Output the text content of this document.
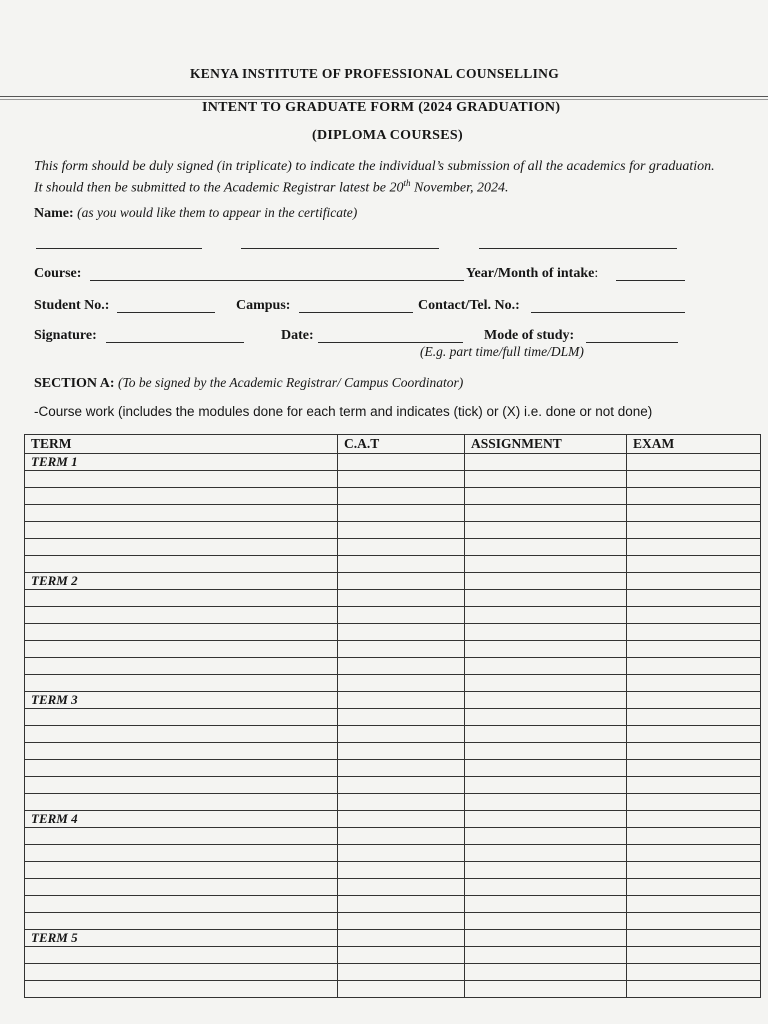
KENYA INSTITUTE OF PROFESSIONAL COUNSELLING
INTENT TO GRADUATE FORM (2024 GRADUATION)
(DIPLOMA COURSES)
This form should be duly signed (in triplicate) to indicate the individual’s submission of all the academics for graduation. It should then be submitted to the Academic Registrar latest be 20th November, 2024.
Name: (as you would like them to appear in the certificate)
Course:	Year/Month of intake:
Student No.:	Campus:	Contact/Tel. No.:
Signature:	Date:	Mode of study:
(E.g. part time/full time/DLM)
SECTION A: (To be signed by the Academic Registrar/ Campus Coordinator)
-Course work (includes the modules done for each term and indicates (tick) or (X) i.e. done or not done)
TERM	C.A.T	ASSIGNMENT	EXAM
TERM 1			

TERM 2			

TERM 3			

TERM 4			

TERM 5			
